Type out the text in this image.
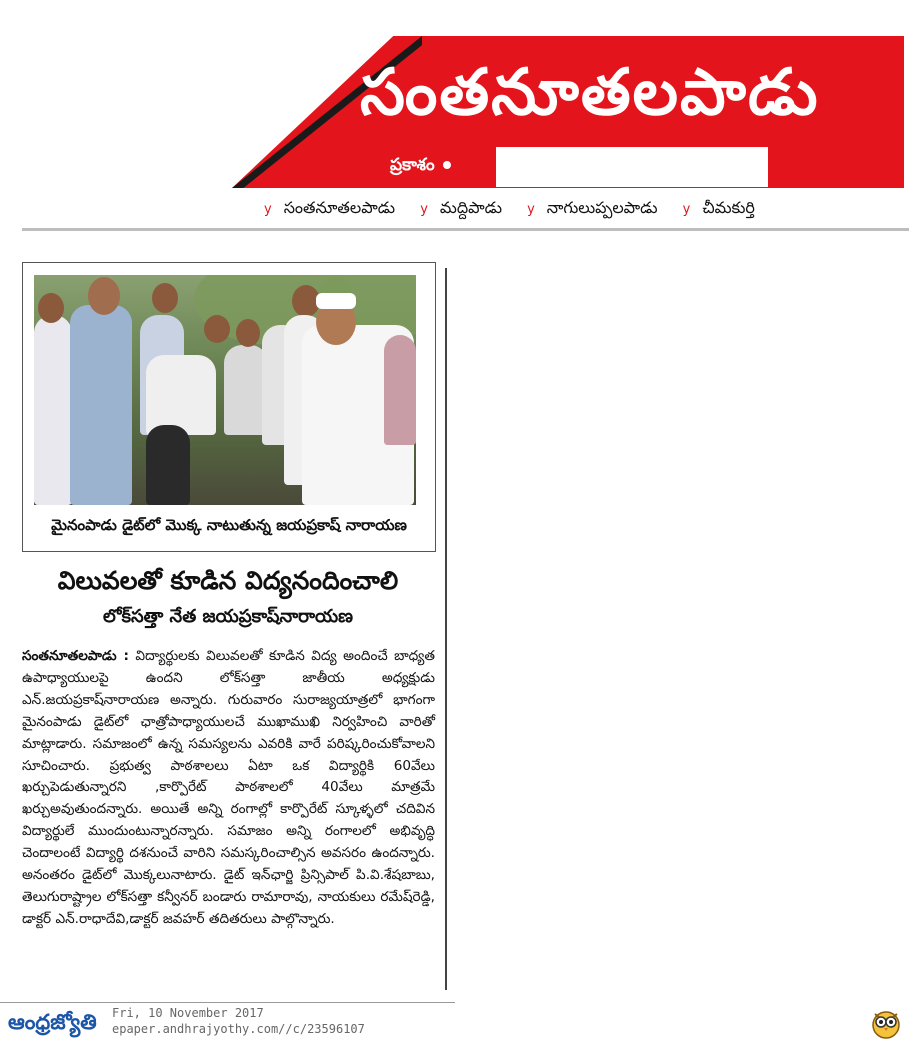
సంతనూతలపాడు
ప్రకాశం
y సంతనూతలపాడు y మద్దిపాడు y నాగులుప్పలపాడు y చీమకుర్తి
మైనంపాడు డైట్‌లో మొక్క నాటుతున్న జయప్రకాష్‌ నారాయణ
విలువలతో కూడిన విద్యనందించాలి
లోక్‌సత్తా నేత జయప్రకాష్‌నారాయణ
సంతనూతలపాడు : విద్యార్థులకు విలువలతో కూడిన విద్య అందించే బాధ్యత ఉపాధ్యాయులపై ఉందని లోక్‌సత్తా జాతీయ అధ్యక్షుడు ఎన్‌.జయప్రకాష్‌నారాయణ అన్నారు. గురువారం సురాజ్యయాత్రలో భాగంగా మైనంపాడు డైట్‌లో ఛాత్రోపాధ్యాయులచే ముఖాముఖి నిర్వహించి వారితో మాట్లాడారు. సమాజంలో ఉన్న సమస్యలను ఎవరికి వారే పరిష్కరించుకోవాలని సూచించారు. ప్రభుత్వ పాఠశాలలు ఏటా ఒక విద్యార్థికి 60వేలు ఖర్చుపెడుతున్నారని ,కార్పొరేట్‌ పాఠశాలలో 40వేలు మాత్రమే ఖర్చుఅవుతుందన్నారు. అయితే అన్ని రంగాల్లో కార్పొరేట్‌ స్కూళ్ళలో చదివిన విద్యార్థులే ముందుంటున్నారన్నారు. సమాజం అన్ని రంగాలలో అభివృద్ధి చెందాలంటే విద్యార్థి దశనుంచే వారిని సమస్కరించాల్సిన అవసరం ఉందన్నారు. అనంతరం డైట్‌లో మొక్కలునాటారు. డైట్‌ ఇన్‌ఛార్జి ప్రిన్సిపాల్‌ పి.వి.శేషబాబు, తెలుగురాష్ట్రాల లోక్‌సత్తా కన్వీనర్‌ బండారు రామారావు, నాయకులు రమేష్‌రెడ్డి, డాక్టర్‌ ఎన్‌.రాధాదేవి,డాక్టర్‌ జవహర్‌ తదితరులు పాల్గొన్నారు.
ఆంధ్రజ్యోతి Fri, 10 November 2017
epaper.andhrajyothy.com//c/23596107
